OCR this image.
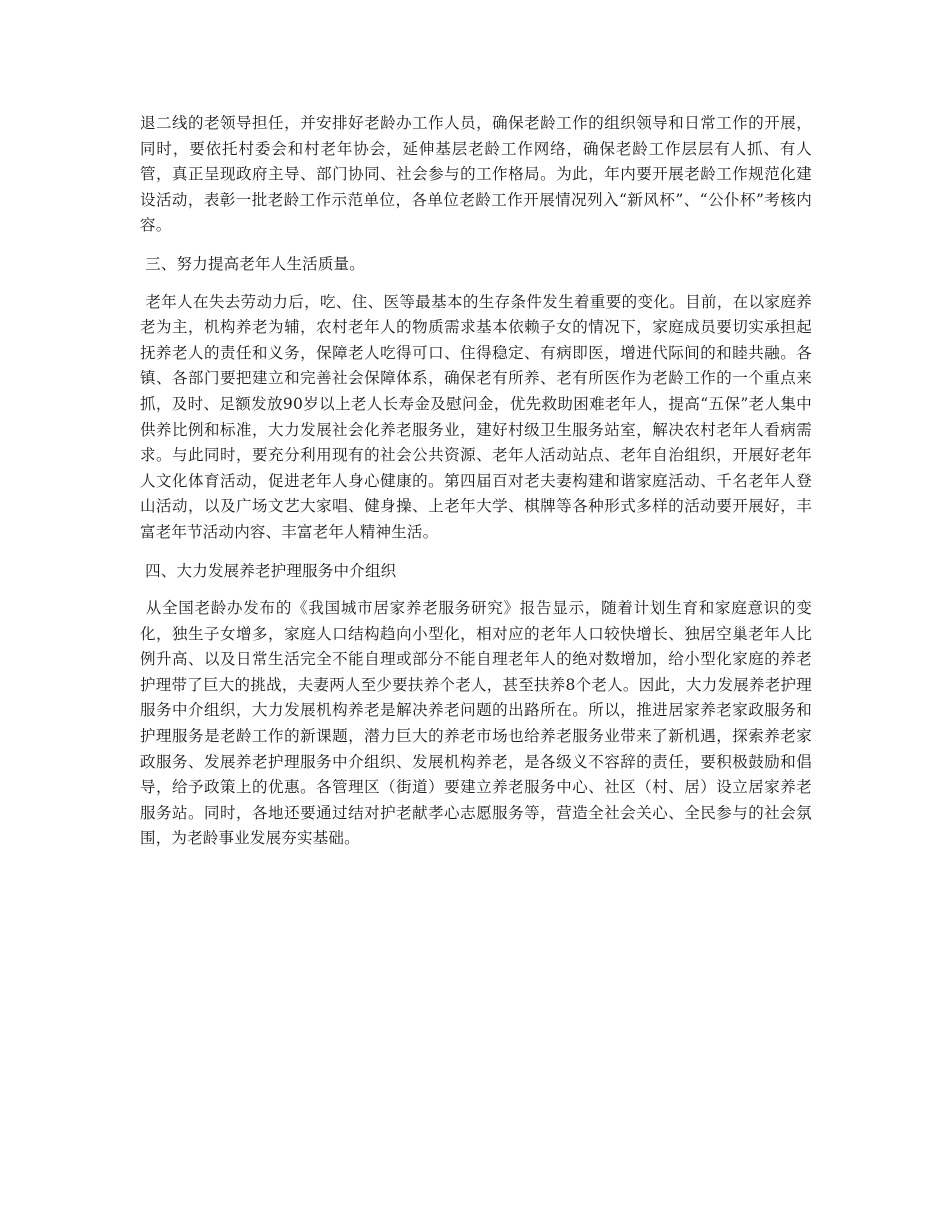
退二线的老领导担任，并安排好老龄办工作人员，确保老龄工作的组织领导和日常工作的开展，同时，要依托村委会和村老年协会，延伸基层老龄工作网络，确保老龄工作层层有人抓、有人管，真正呈现政府主导、部门协同、社会参与的工作格局。为此，年内要开展老龄工作规范化建设活动，表彰一批老龄工作示范单位，各单位老龄工作开展情况列入“新风杯”、“公仆杯”考核内容。

三、努力提高老年人生活质量。

老年人在失去劳动力后，吃、住、医等最基本的生存条件发生着重要的变化。目前，在以家庭养老为主，机构养老为辅，农村老年人的物质需求基本依赖子女的情况下，家庭成员要切实承担起抚养老人的责任和义务，保障老人吃得可口、住得稳定、有病即医，增进代际间的和睦共融。各镇、各部门要把建立和完善社会保障体系，确保老有所养、老有所医作为老龄工作的一个重点来抓，及时、足额发放90岁以上老人长寿金及慰问金，优先救助困难老年人，提高“五保”老人集中供养比例和标准，大力发展社会化养老服务业，建好村级卫生服务站室，解决农村老年人看病需求。与此同时，要充分利用现有的社会公共资源、老年人活动站点、老年自治组织，开展好老年人文化体育活动，促进老年人身心健康的。第四届百对老夫妻构建和谐家庭活动、千名老年人登山活动，以及广场文艺大家唱、健身操、上老年大学、棋牌等各种形式多样的活动要开展好，丰富老年节活动内容、丰富老年人精神生活。

四、大力发展养老护理服务中介组织

从全国老龄办发布的《我国城市居家养老服务研究》报告显示，随着计划生育和家庭意识的变化，独生子女增多，家庭人口结构趋向小型化，相对应的老年人口较快增长、独居空巢老年人比例升高、以及日常生活完全不能自理或部分不能自理老年人的绝对数增加，给小型化家庭的养老护理带了巨大的挑战，夫妻两人至少要扶养个老人，甚至扶养8个老人。因此，大力发展养老护理服务中介组织，大力发展机构养老是解决养老问题的出路所在。所以，推进居家养老家政服务和护理服务是老龄工作的新课题，潜力巨大的养老市场也给养老服务业带来了新机遇，探索养老家政服务、发展养老护理服务中介组织、发展机构养老，是各级义不容辞的责任，要积极鼓励和倡导，给予政策上的优惠。各管理区（街道）要建立养老服务中心、社区（村、居）设立居家养老服务站。同时，各地还要通过结对护老献孝心志愿服务等，营造全社会关心、全民参与的社会氛围，为老龄事业发展夯实基础。
